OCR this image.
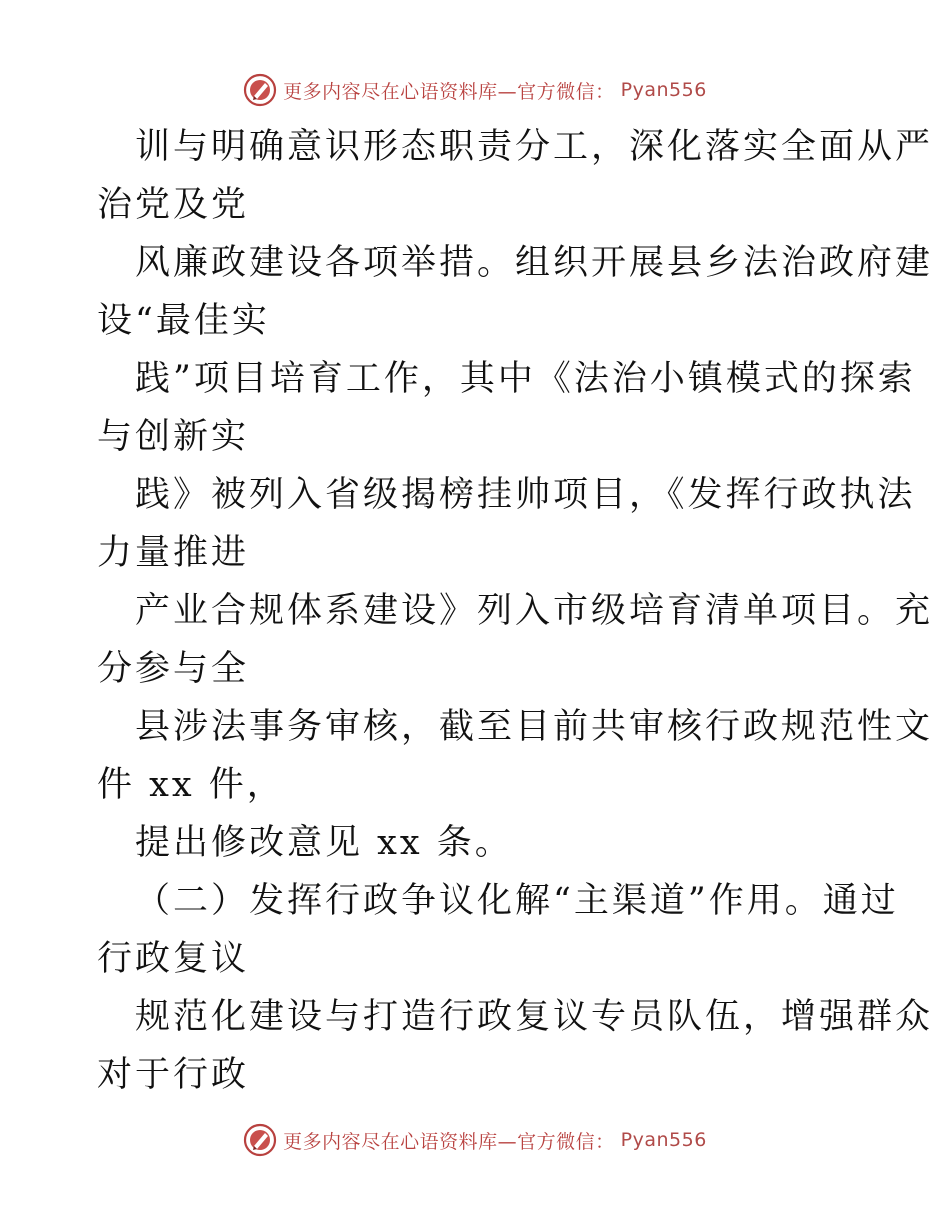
更多内容尽在心语资料库—官方微信： Pyan556
训与明确意识形态职责分工，深化落实全面从严
治党及党
风廉政建设各项举措。组织开展县乡法治政府建
设“最佳实
践”项目培育工作，其中《法治小镇模式的探索
与创新实
践》被列入省级揭榜挂帅项目，《发挥行政执法
力量推进
产业合规体系建设》列入市级培育清单项目。充
分参与全
县涉法事务审核，截至目前共审核行政规范性文
件 xx 件，
提出修改意见 xx 条。
（二）发挥行政争议化解“主渠道”作用。通过
行政复议
规范化建设与打造行政复议专员队伍，增强群众
对于行政
更多内容尽在心语资料库—官方微信： Pyan556
